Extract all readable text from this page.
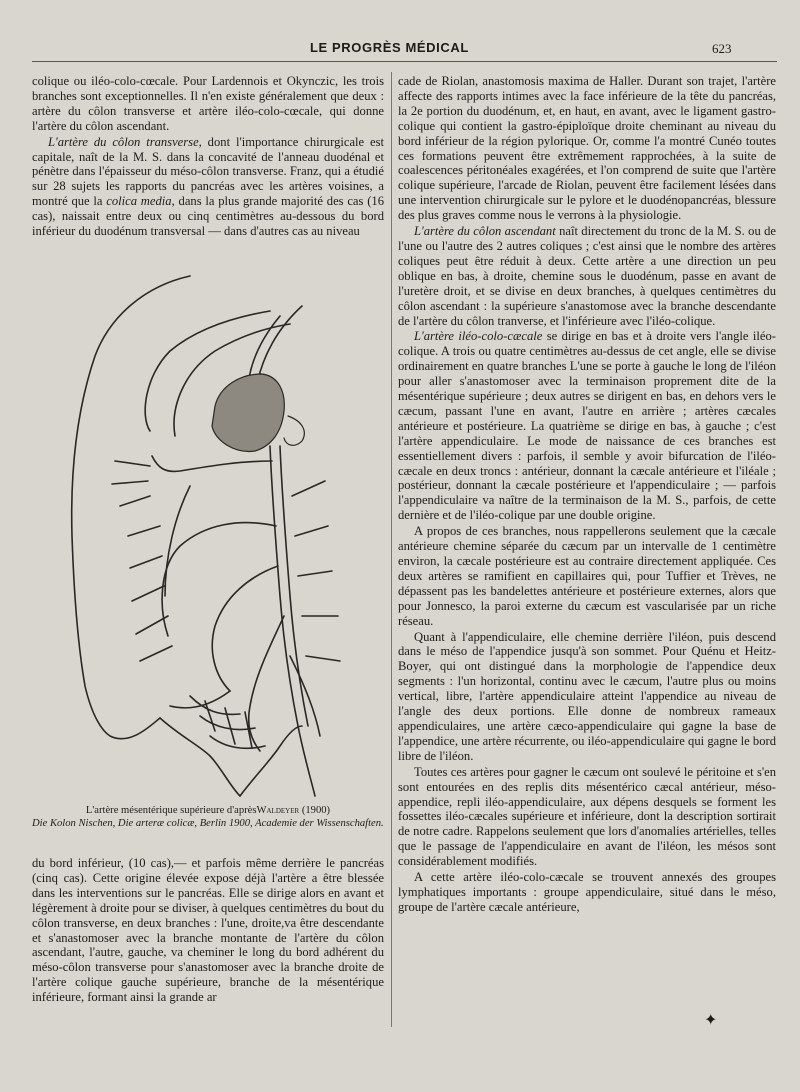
LE PROGRÈS MÉDICAL	623

colique ou iléo-colo-cœcale. Pour Lardennois et Okynczic, les trois branches sont exceptionnelles. Il n'en existe généralement que deux : artère du côlon transverse et artère iléo-colo-cœcale, qui donne l'artère du côlon ascendant.

L'artère du côlon transverse, dont l'importance chirurgicale est capitale, naît de la M. S. dans la concavité de l'anneau duodénal et pénètre dans l'épaisseur du méso-côlon transverse. Franz, qui a étudié sur 28 sujets les rapports du pancréas avec les artères voisines, a montré que la colica media, dans la plus grande majorité des cas (16 cas), naissait entre deux ou cinq centimètres au-dessous du bord inférieur du duodénum transversal — dans d'autres cas au niveau

L'artère mésentérique supérieure d'aprèsWaldeyer (1900)
Die Kolon Nischen, Die arteræ colicæ, Berlin 1900, Academie der Wissenschaften.

du bord inférieur, (10 cas),— et parfois même derrière le pancréas (cinq cas). Cette origine élevée expose déjà l'artère a être blessée dans les interventions sur le pancréas. Elle se dirige alors en avant et légèrement à droite pour se diviser, à quelques centimètres du bout du côlon transverse, en deux branches : l'une, droite,va être descendante et s'anastomoser avec la branche montante de l'artère du côlon ascendant, l'autre, gauche, va cheminer le long du bord adhérent du méso-côlon transverse pour s'anastomoser avec la branche droite de l'artère colique gauche supérieure, branche de la mésentérique inférieure, formant ainsi la grande ar

cade de Riolan, anastomosis maxima de Haller. Durant son trajet, l'artère affecte des rapports intimes avec la face inférieure de la tête du pancréas, la 2e portion du duodénum, et, en haut, en avant, avec le ligament gastro-colique qui contient la gastro-épiploïque droite cheminant au niveau du bord inférieur de la région pylorique. Or, comme l'a montré Cunéo toutes ces formations peuvent être extrêmement rapprochées, à la suite de coalescences péritonéales exagérées, et l'on comprend de suite que l'artère colique supérieure, l'arcade de Riolan, peuvent être facilement lésées dans une intervention chirurgicale sur le pylore et le duodénopancréas, blessure des plus graves comme nous le verrons à la physiologie.

L'artère du côlon ascendant naît directement du tronc de la M. S. ou de l'une ou l'autre des 2 autres coliques ; c'est ainsi que le nombre des artères coliques peut être réduit à deux. Cette artère a une direction un peu oblique en bas, à droite, chemine sous le duodénum, passe en avant de l'uretère droit, et se divise en deux branches, à quelques centimètres du côlon ascendant : la supérieure s'anastomose avec la branche descendante de l'artère du côlon tranverse, et l'inférieure avec l'iléo-colique.

L'artère iléo-colo-cæcale se dirige en bas et à droite vers l'angle iléo-colique. A trois ou quatre centimètres au-dessus de cet angle, elle se divise ordinairement en quatre branches L'une se porte à gauche le long de l'iléon pour aller s'anastomoser avec la terminaison proprement dite de la mésentérique supérieure ; deux autres se dirigent en bas, en dehors vers le cæcum, passant l'une en avant, l'autre en arrière ; artères cæcales antérieure et postérieure. La quatrième se dirige en bas, à gauche ; c'est l'artère appendiculaire. Le mode de naissance de ces branches est essentiellement divers : parfois, il semble y avoir bifurcation de l'iléo-cæcale en deux troncs : antérieur, donnant la cæcale antérieure et l'iléale ; postérieur, donnant la cæcale postérieure et l'appendiculaire ; — parfois l'appendiculaire va naître de la terminaison de la M. S., parfois, de cette dernière et de l'iléo-colique par une double origine.

A propos de ces branches, nous rappellerons seulement que la cæcale antérieure chemine séparée du cæcum par un intervalle de 1 centimètre environ, la cæcale postérieure est au contraire directement appliquée. Ces deux artères se ramifient en capillaires qui, pour Tuffier et Trèves, ne dépassent pas les bandelettes antérieure et postérieure externes, alors que pour Jonnesco, la paroi externe du cæcum est vascularisée par un riche réseau.

Quant à l'appendiculaire, elle chemine derrière l'iléon, puis descend dans le méso de l'appendice jusqu'à son sommet. Pour Quénu et Heitz-Boyer, qui ont distingué dans la morphologie de l'appendice deux segments : l'un horizontal, continu avec le cæcum, l'autre plus ou moins vertical, libre, l'artère appendiculaire atteint l'appendice au niveau de l'angle des deux portions. Elle donne de nombreux rameaux appendiculaires, une artère cæco-appendiculaire qui gagne la base de l'appendice, une artère récurrente, ou iléo-appendiculaire qui gagne le bord libre de l'iléon.

Toutes ces artères pour gagner le cæcum ont soulevé le péritoine et s'en sont entourées en des replis dits mésentérico cæcal antérieur, méso-appendice, repli iléo-appendiculaire, aux dépens desquels se forment les fossettes iléo-cæcales supérieure et inférieure, dont la description sortirait de notre cadre. Rappelons seulement que lors d'anomalies artérielles, telles que le passage de l'appendiculaire en avant de l'iléon, les mésos sont considérablement modifiés.

A cette artère iléo-colo-cæcale se trouvent annexés des groupes lymphatiques importants : groupe appendiculaire, situé dans le méso, groupe de l'artère cæcale antérieure,

✦
